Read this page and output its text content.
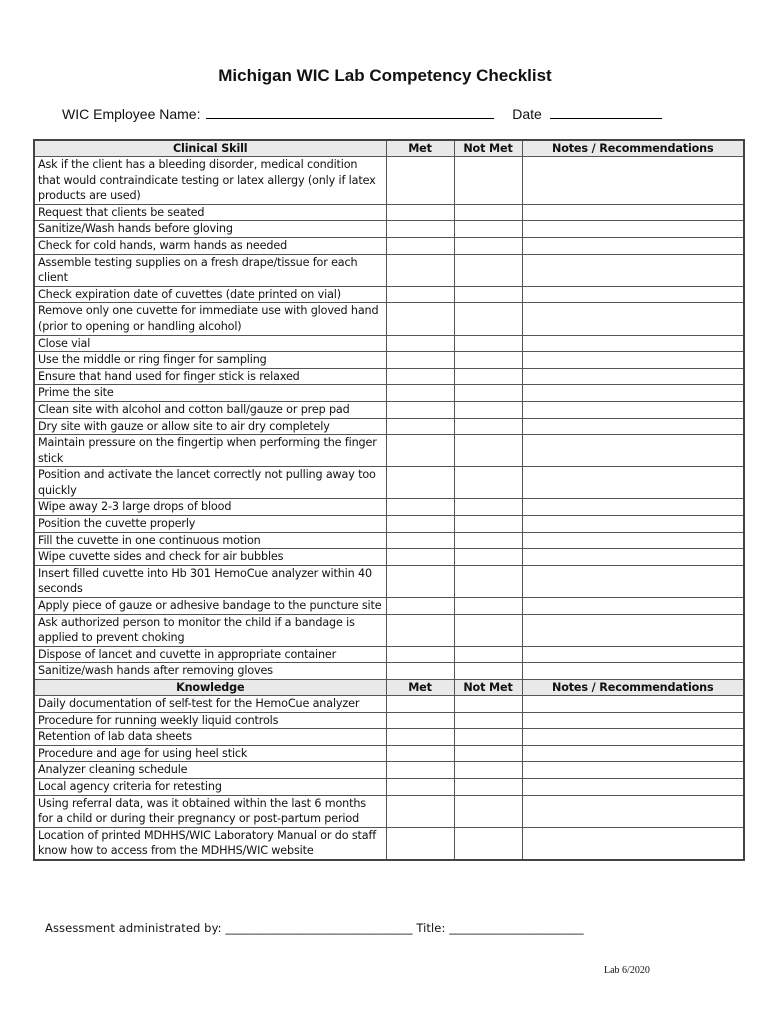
Michigan WIC Lab Competency Checklist
WIC Employee Name:	Date
Clinical Skill	Met	Not Met	Notes / Recommendations
Ask if the client has a bleeding disorder, medical condition that would contraindicate testing or latex allergy (only if latex products are used)			
Request that clients be seated			
Sanitize/Wash hands before gloving			
Check for cold hands, warm hands as needed			
Assemble testing supplies on a fresh drape/tissue for each client			
Check expiration date of cuvettes (date printed on vial)			
Remove only one cuvette for immediate use with gloved hand (prior to opening or handling alcohol)			
Close vial			
Use the middle or ring finger for sampling			
Ensure that hand used for finger stick is relaxed			
Prime the site			
Clean site with alcohol and cotton ball/gauze or prep pad			
Dry site with gauze or allow site to air dry completely			
Maintain pressure on the fingertip when performing the finger stick			
Position and activate the lancet correctly not pulling away too quickly			
Wipe away 2-3 large drops of blood			
Position the cuvette properly			
Fill the cuvette in one continuous motion			
Wipe cuvette sides and check for air bubbles			
Insert filled cuvette into Hb 301 HemoCue analyzer within 40 seconds			
Apply piece of gauze or adhesive bandage to the puncture site			
Ask authorized person to monitor the child if a bandage is applied to prevent choking			
Dispose of lancet and cuvette in appropriate container			
Sanitize/wash hands after removing gloves			
Knowledge	Met	Not Met	Notes / Recommendations
Daily documentation of self-test for the HemoCue analyzer			
Procedure for running weekly liquid controls			
Retention of lab data sheets			
Procedure and age for using heel stick			
Analyzer cleaning schedule			
Local agency criteria for retesting			
Using referral data, was it obtained within the last 6 months for a child or during their pregnancy or post-partum period			
Location of printed MDHHS/WIC Laboratory Manual or do staff know how to access from the MDHHS/WIC website			
Assessment administrated by: ________________________________ Title: _______________________
Lab 6/2020
